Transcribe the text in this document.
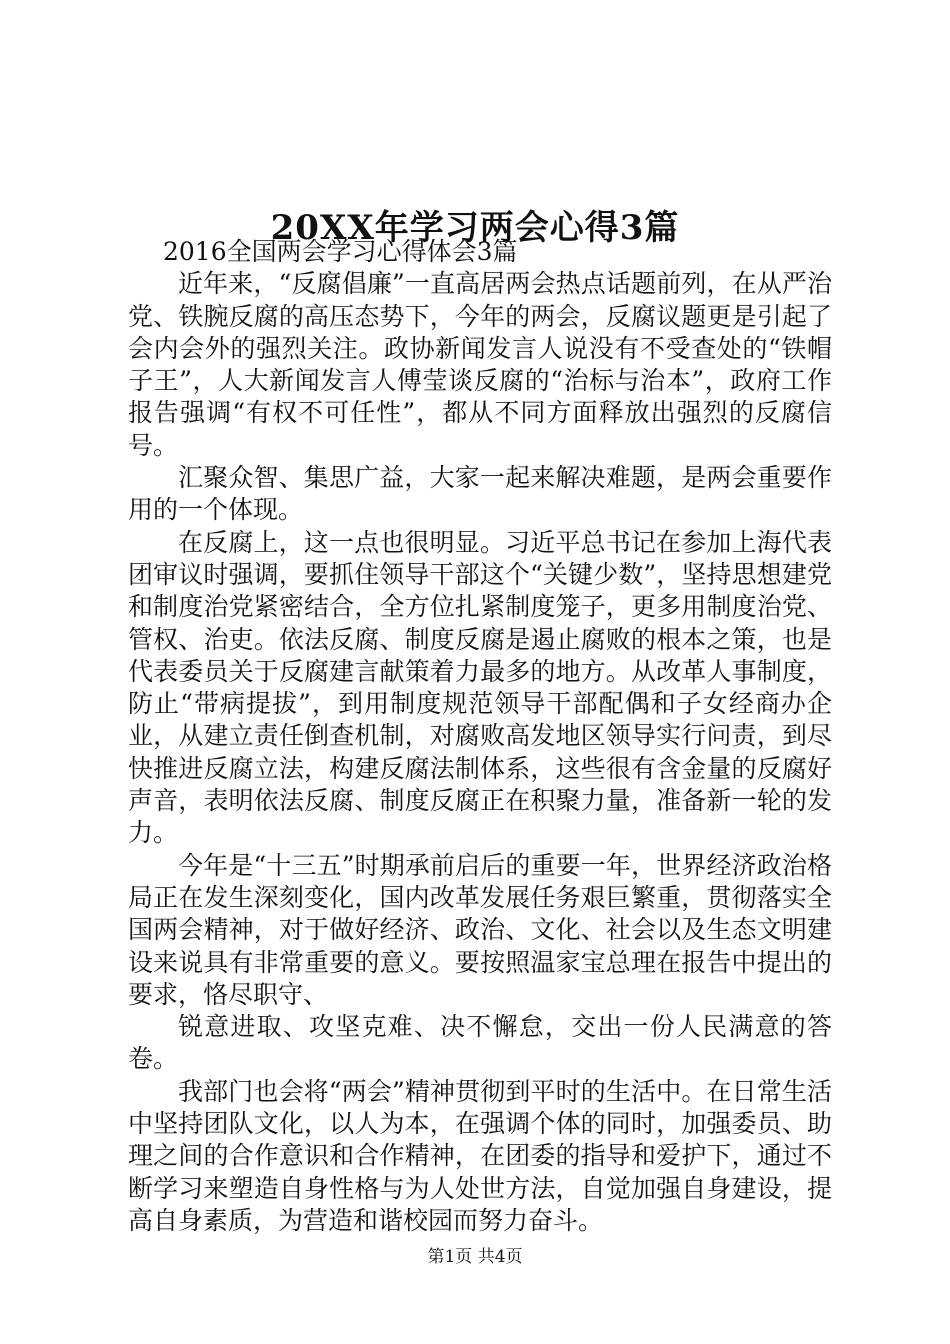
20XX年学习两会心得3篇

2016全国两会学习心得体会3篇

近年来，“反腐倡廉”一直高居两会热点话题前列，在从严治党、铁腕反腐的高压态势下，今年的两会，反腐议题更是引起了会内会外的强烈关注。政协新闻发言人说没有不受查处的“铁帽子王”，人大新闻发言人傅莹谈反腐的“治标与治本”，政府工作报告强调“有权不可任性”，都从不同方面释放出强烈的反腐信号。

汇聚众智、集思广益，大家一起来解决难题，是两会重要作用的一个体现。

在反腐上，这一点也很明显。习近平总书记在参加上海代表团审议时强调，要抓住领导干部这个“关键少数”，坚持思想建党和制度治党紧密结合，全方位扎紧制度笼子，更多用制度治党、管权、治吏。依法反腐、制度反腐是遏止腐败的根本之策，也是代表委员关于反腐建言献策着力最多的地方。从改革人事制度，防止“带病提拔”，到用制度规范领导干部配偶和子女经商办企业，从建立责任倒查机制，对腐败高发地区领导实行问责，到尽快推进反腐立法，构建反腐法制体系，这些很有含金量的反腐好声音，表明依法反腐、制度反腐正在积聚力量，准备新一轮的发力。

今年是“十三五”时期承前启后的重要一年，世界经济政治格局正在发生深刻变化，国内改革发展任务艰巨繁重，贯彻落实全国两会精神，对于做好经济、政治、文化、社会以及生态文明建设来说具有非常重要的意义。要按照温家宝总理在报告中提出的要求，恪尽职守、

锐意进取、攻坚克难、决不懈怠，交出一份人民满意的答卷。

我部门也会将“两会”精神贯彻到平时的生活中。在日常生活中坚持团队文化，以人为本，在强调个体的同时，加强委员、助理之间的合作意识和合作精神，在团委的指导和爱护下，通过不断学习来塑造自身性格与为人处世方法，自觉加强自身建设，提高自身素质，为营造和谐校园而努力奋斗。

第1页 共4页
